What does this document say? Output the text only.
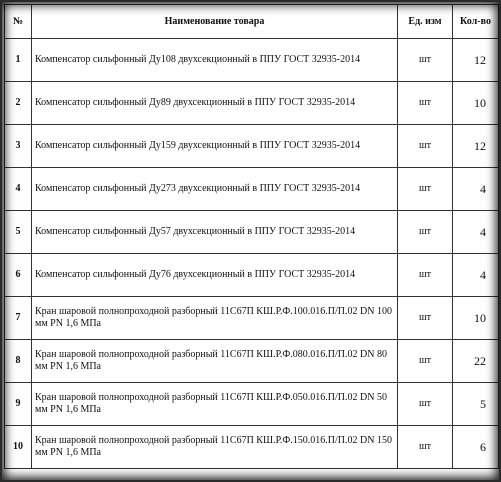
№	Наименование товара	Ед. изм	Кол-во
1	Компенсатор сильфонный Ду108 двухсекционный в ППУ ГОСТ 32935-2014	шт	12
2	Компенсатор сильфонный Ду89 двухсекционный в ППУ ГОСТ 32935-2014	шт	10
3	Компенсатор сильфонный Ду159 двухсекционный в ППУ ГОСТ 32935-2014	шт	12
4	Компенсатор сильфонный Ду273 двухсекционный в ППУ ГОСТ 32935-2014	шт	4
5	Компенсатор сильфонный Ду57 двухсекционный в ППУ ГОСТ 32935-2014	шт	4
6	Компенсатор сильфонный Ду76 двухсекционный в ППУ ГОСТ 32935-2014	шт	4
7	Кран шаровой полнопроходной разборный 11С67П КШ.Р.Ф.100.016.П/П.02 DN 100 мм PN 1,6 МПа	шт	10
8	Кран шаровой полнопроходной разборный 11С67П КШ.Р.Ф.080.016.П/П.02 DN 80 мм PN 1,6 МПа	шт	22
9	Кран шаровой полнопроходной разборный 11С67П КШ.Р.Ф.050.016.П/П.02 DN 50 мм PN 1,6 МПа	шт	5
10	Кран шаровой полнопроходной разборный 11С67П КШ.Р.Ф.150.016.П/П.02 DN 150 мм PN 1,6 МПа	шт	6
